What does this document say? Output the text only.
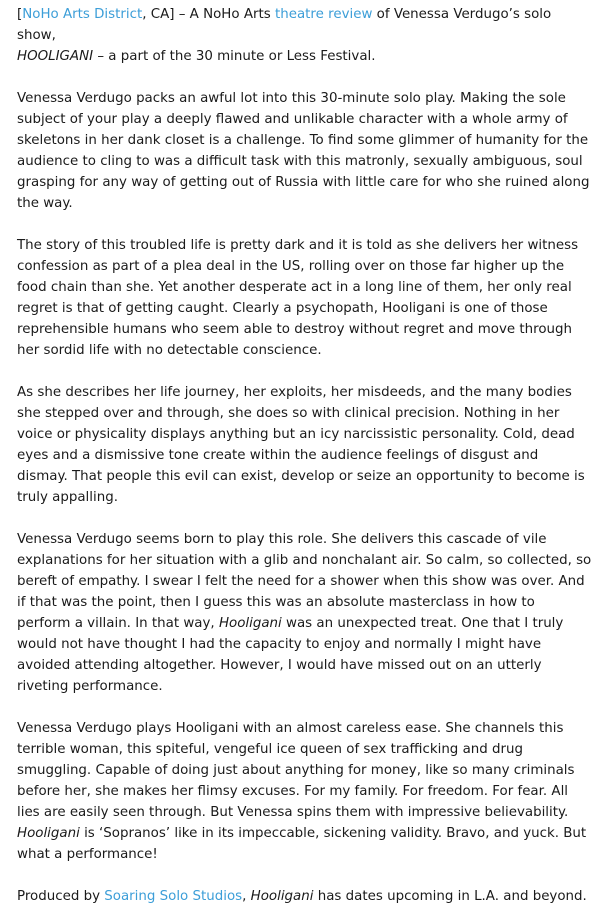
[NoHo Arts District, CA] – A NoHo Arts theatre review of Venessa Verdugo’s solo show,
HOOLIGANI – a part of the 30 minute or Less Festival.

Venessa Verdugo packs an awful lot into this 30-minute solo play. Making the sole subject of your play a deeply flawed and unlikable character with a whole army of skeletons in her dank closet is a challenge. To find some glimmer of humanity for the audience to cling to was a difficult task with this matronly, sexually ambiguous, soul grasping for any way of getting out of Russia with little care for who she ruined along the way.

The story of this troubled life is pretty dark and it is told as she delivers her witness confession as part of a plea deal in the US, rolling over on those far higher up the food chain than she. Yet another desperate act in a long line of them, her only real regret is that of getting caught. Clearly a psychopath, Hooligani is one of those reprehensible humans who seem able to destroy without regret and move through her sordid life with no detectable conscience.

As she describes her life journey, her exploits, her misdeeds, and the many bodies she stepped over and through, she does so with clinical precision. Nothing in her voice or physicality displays anything but an icy narcissistic personality. Cold, dead eyes and a dismissive tone create within the audience feelings of disgust and dismay. That people this evil can exist, develop or seize an opportunity to become is truly appalling.

Venessa Verdugo seems born to play this role. She delivers this cascade of vile explanations for her situation with a glib and nonchalant air. So calm, so collected, so bereft of empathy. I swear I felt the need for a shower when this show was over. And if that was the point, then I guess this was an absolute masterclass in how to perform a villain. In that way, Hooligani was an unexpected treat. One that I truly would not have thought I had the capacity to enjoy and normally I might have avoided attending altogether. However, I would have missed out on an utterly riveting performance.

Venessa Verdugo plays Hooligani with an almost careless ease. She channels this terrible woman, this spiteful, vengeful ice queen of sex trafficking and drug smuggling. Capable of doing just about anything for money, like so many criminals before her, she makes her flimsy excuses. For my family. For freedom. For fear. All lies are easily seen through. But Venessa spins them with impressive believability. Hooligani is ‘Sopranos’ like in its impeccable, sickening validity. Bravo, and yuck. But what a performance!

Produced by Soaring Solo Studios, Hooligani has dates upcoming in L.A. and beyond.
